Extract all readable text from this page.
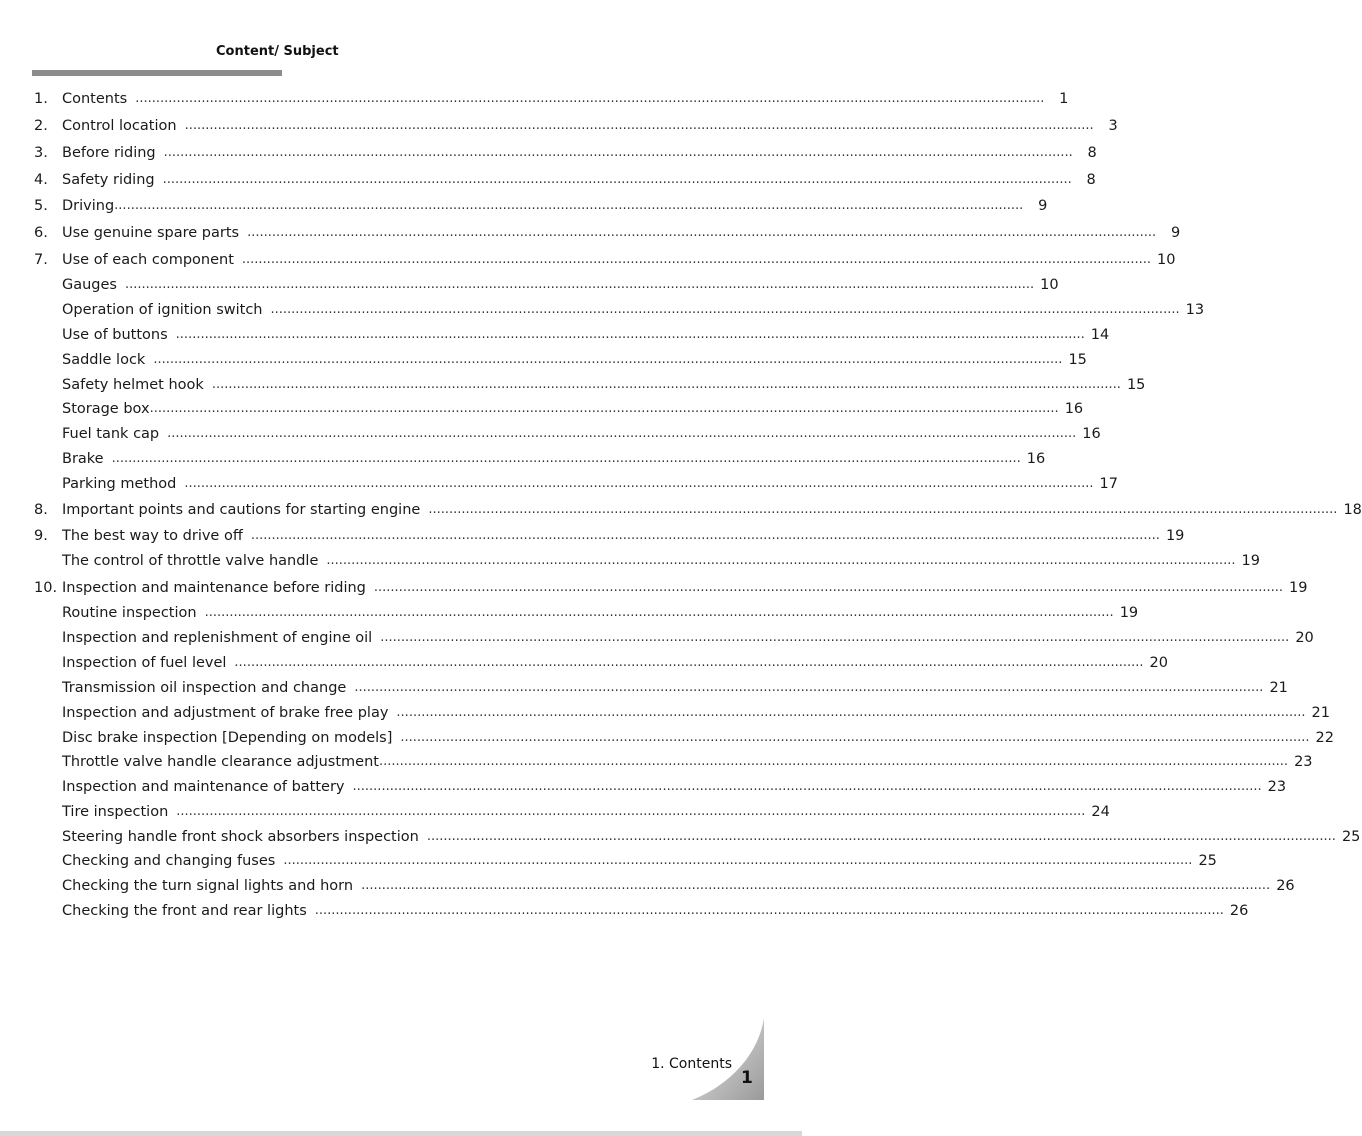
Content/ Subject
1. Contents ............................................................................................................................................................................................................................	1
2. Control location ............................................................................................................................................................................................................................	3
3. Before riding ............................................................................................................................................................................................................................	8
4. Safety riding ............................................................................................................................................................................................................................	8
5. Driving ............................................................................................................................................................................................................................	9
6. Use genuine spare parts ............................................................................................................................................................................................................................	9
7. Use of each component ............................................................................................................................................................................................................................ 10
Gauges ............................................................................................................................................................................................................................ 10
Operation of ignition switch ............................................................................................................................................................................................................................ 13
Use of buttons ............................................................................................................................................................................................................................ 14
Saddle lock ............................................................................................................................................................................................................................ 15
Safety helmet hook ............................................................................................................................................................................................................................ 15
Storage box ............................................................................................................................................................................................................................ 16
Fuel tank cap ............................................................................................................................................................................................................................ 16
Brake ............................................................................................................................................................................................................................ 16
Parking method ............................................................................................................................................................................................................................ 17
8. Important points and cautions for starting engine ............................................................................................................................................................................................................................ 18
9. The best way to drive off ............................................................................................................................................................................................................................ 19
The control of throttle valve handle ............................................................................................................................................................................................................................ 19
10. Inspection and maintenance before riding ............................................................................................................................................................................................................................ 19
Routine inspection ............................................................................................................................................................................................................................ 19
Inspection and replenishment of engine oil ............................................................................................................................................................................................................................ 20
Inspection of fuel level ............................................................................................................................................................................................................................ 20
Transmission oil inspection and change ............................................................................................................................................................................................................................ 21
Inspection and adjustment of brake free play ............................................................................................................................................................................................................................ 21
Disc brake inspection [Depending on models] ............................................................................................................................................................................................................................ 22
Throttle valve handle clearance adjustment ............................................................................................................................................................................................................................ 23
Inspection and maintenance of battery ............................................................................................................................................................................................................................ 23
Tire inspection ............................................................................................................................................................................................................................ 24
Steering handle front shock absorbers inspection ............................................................................................................................................................................................................................ 25
Checking and changing fuses ............................................................................................................................................................................................................................ 25
Checking the turn signal lights and horn ............................................................................................................................................................................................................................ 26
Checking the front and rear lights ............................................................................................................................................................................................................................ 26
1. Contents
1
